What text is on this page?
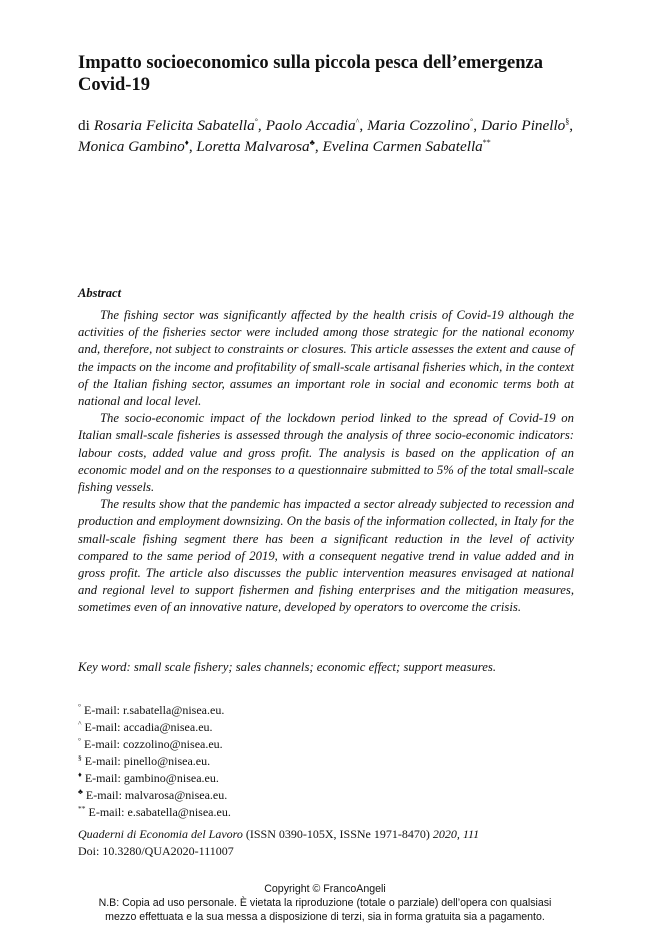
Impatto socioeconomico sulla piccola pesca dell’emergenza Covid-19
di Rosaria Felicita Sabatella°, Paolo Accadia^, Maria Cozzolino°, Dario Pinello§, Monica Gambino♦, Loretta Malvarosa♣, Evelina Carmen Sabatella**
Abstract

The fishing sector was significantly affected by the health crisis of Covid-19 although the activities of the fisheries sector were included among those strategic for the national economy and, therefore, not subject to constraints or closures. This article assesses the extent and cause of the impacts on the income and profitability of small-scale artisanal fisheries which, in the context of the Italian fishing sector, assumes an important role in social and economic terms both at national and local level.

The socio-economic impact of the lockdown period linked to the spread of Covid-19 on Italian small-scale fisheries is assessed through the analysis of three socio-economic indicators: labour costs, added value and gross profit. The analysis is based on the application of an economic model and on the responses to a questionnaire submitted to 5% of the total small-scale fishing vessels.

The results show that the pandemic has impacted a sector already subjected to recession and production and employment downsizing. On the basis of the information collected, in Italy for the small-scale fishing segment there has been a significant reduction in the level of activity compared to the same period of 2019, with a consequent negative trend in value added and in gross profit. The article also discusses the public intervention measures envisaged at national and regional level to support fishermen and fishing enterprises and the mitigation measures, sometimes even of an innovative nature, developed by operators to overcome the crisis.

Key word: small scale fishery; sales channels; economic effect; support measures.
° E-mail: r.sabatella@nisea.eu.
^ E-mail: accadia@nisea.eu.
° E-mail: cozzolino@nisea.eu.
§ E-mail: pinello@nisea.eu.
♦ E-mail: gambino@nisea.eu.
♣ E-mail: malvarosa@nisea.eu.
** E-mail: e.sabatella@nisea.eu.
Quaderni di Economia del Lavoro (ISSN 0390-105X, ISSNe 1971-8470) 2020, 111
Doi: 10.3280/QUA2020-111007
Copyright © FrancoAngeli
N.B: Copia ad uso personale. È vietata la riproduzione (totale o parziale) dell’opera con qualsiasi
mezzo effettuata e la sua messa a disposizione di terzi, sia in forma gratuita sia a pagamento.
